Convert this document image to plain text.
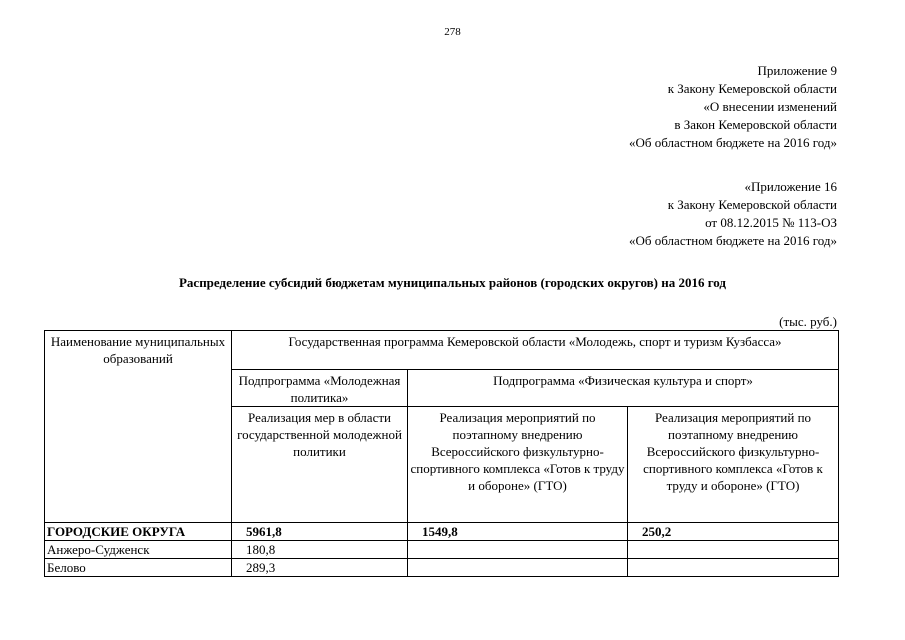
278
Приложение 9
к Закону Кемеровской области
«О внесении изменений
в Закон Кемеровской области
«Об областном бюджете на 2016 год»
«Приложение 16
к Закону Кемеровской области
от 08.12.2015 № 113-ОЗ
«Об областном бюджете на 2016 год»
Распределение субсидий бюджетам муниципальных районов (городских округов) на 2016 год
(тыс. руб.)
Наименование муниципальных образований	Государственная программа Кемеровской области «Молодежь, спорт и туризм Кузбасса»		
	Подпрограмма «Молодежная политика»	Подпрограмма «Физическая культура и спорт»	
	Реализация мер в области государственной молодежной политики	Реализация мероприятий по поэтапному внедрению Всероссийского физкультурно-спортивного комплекса «Готов к труду и обороне» (ГТО)	Реализация мероприятий по поэтапному внедрению Всероссийского физкультурно-спортивного комплекса «Готов к труду и обороне» (ГТО)
ГОРОДСКИЕ ОКРУГА	5961,8	1549,8	250,2
Анжеро-Судженск	180,8		
Белово	289,3		
